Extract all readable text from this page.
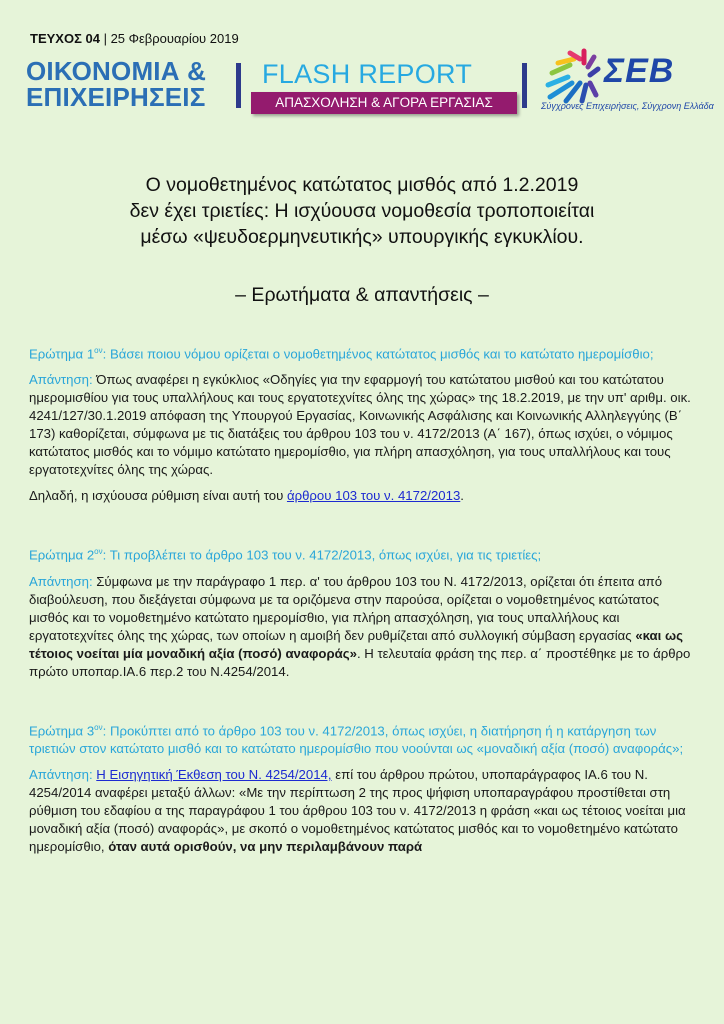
ΤΕΥΧΟΣ 04 | 25 Φεβρουαρίου 2019
ΟΙΚΟΝΟΜΙΑ &
ΕΠΙΧΕΙΡΗΣΕΙΣ
FLASH REPORT
ΑΠΑΣΧΟΛΗΣΗ & ΑΓΟΡΑ ΕΡΓΑΣΙΑΣ
ΣΕΒ
Σύγχρονες Επιχειρήσεις, Σύγχρονη Ελλάδα
Ο νομοθετημένος κατώτατος μισθός από 1.2.2019
δεν έχει τριετίες: Η ισχύουσα νομοθεσία τροποποιείται
μέσω «ψευδοερμηνευτικής» υπουργικής εγκυκλίου.
– Ερωτήματα & απαντήσεις –

Ερώτημα $1^{o\nu}$: Βάσει ποιου νόμου ορίζεται ο νομοθετημένος κατώτατος μισθός και το κατώτατο ημερομίσθιο;

Απάντηση: Όπως αναφέρει η εγκύκλιος «Οδηγίες για την εφαρμογή του κατώτατου μισθού και του κατώτατου ημερομισθίου για τους υπαλλήλους και τους εργατοτεχνίτες όλης της χώρας» της 18.2.2019, με την υπ' αριθμ. οικ. 4241/127/30.1.2019 απόφαση της Υπουργού Εργασίας, Κοινωνικής Ασφάλισης και Κοινωνικής Αλληλεγγύης (Β΄ 173) καθορίζεται, σύμφωνα με τις διατάξεις του άρθρου 103 του ν. 4172/2013 (Α΄ 167), όπως ισχύει, ο νόμιμος κατώτατος μισθός και το νόμιμο κατώτατο ημερομίσθιο, για πλήρη απασχόληση, για τους υπαλλήλους και τους εργατοτεχνίτες όλης της χώρας.

Δηλαδή, η ισχύουσα ρύθμιση είναι αυτή του άρθρου 103 του ν. 4172/2013.

Ερώτημα $2^{o\nu}$: Τι προβλέπει το άρθρο 103 του ν. 4172/2013, όπως ισχύει, για τις τριετίες;

Απάντηση: Σύμφωνα με την παράγραφο 1 περ. α' του άρθρου 103 του Ν. 4172/2013, ορίζεται ότι έπειτα από διαβούλευση, που διεξάγεται σύμφωνα με τα οριζόμενα στην παρούσα, ορίζεται ο νομοθετημένος κατώτατος μισθός και το νομοθετημένο κατώτατο ημερομίσθιο, για πλήρη απασχόληση, για τους υπαλλήλους και εργατοτεχνίτες όλης της χώρας, των οποίων η αμοιβή δεν ρυθμίζεται από συλλογική σύμβαση εργασίας «και ως τέτοιος νοείται μία μοναδική αξία (ποσό) αναφοράς». Η τελευταία φράση της περ. α΄ προστέθηκε με το άρθρο πρώτο υποπαρ.ΙΑ.6 περ.2 του Ν.4254/2014.

Ερώτημα $3^{o\nu}$: Προκύπτει από το άρθρο 103 του ν. 4172/2013, όπως ισχύει, η διατήρηση ή η κατάργηση των τριετιών στον κατώτατο μισθό και το κατώτατο ημερομίσθιο που νοούνται ως «μοναδική αξία (ποσό) αναφοράς»;

Απάντηση: Η Εισηγητική Έκθεση του Ν. 4254/2014, επί του άρθρου πρώτου, υποπαράγραφος ΙΑ.6 του Ν. 4254/2014 αναφέρει μεταξύ άλλων: «Με την περίπτωση 2 της προς ψήφιση υποπαραγράφου προστίθεται στη ρύθμιση του εδαφίου α της παραγράφου 1 του άρθρου 103 του ν. 4172/2013 η φράση «και ως τέτοιος νοείται μια μοναδική αξία (ποσό) αναφοράς», με σκοπό ο νομοθετημένος κατώτατος μισθός και το νομοθετημένο κατώτατο ημερομίσθιο, όταν αυτά ορισθούν, να μην περιλαμβάνουν παρά
